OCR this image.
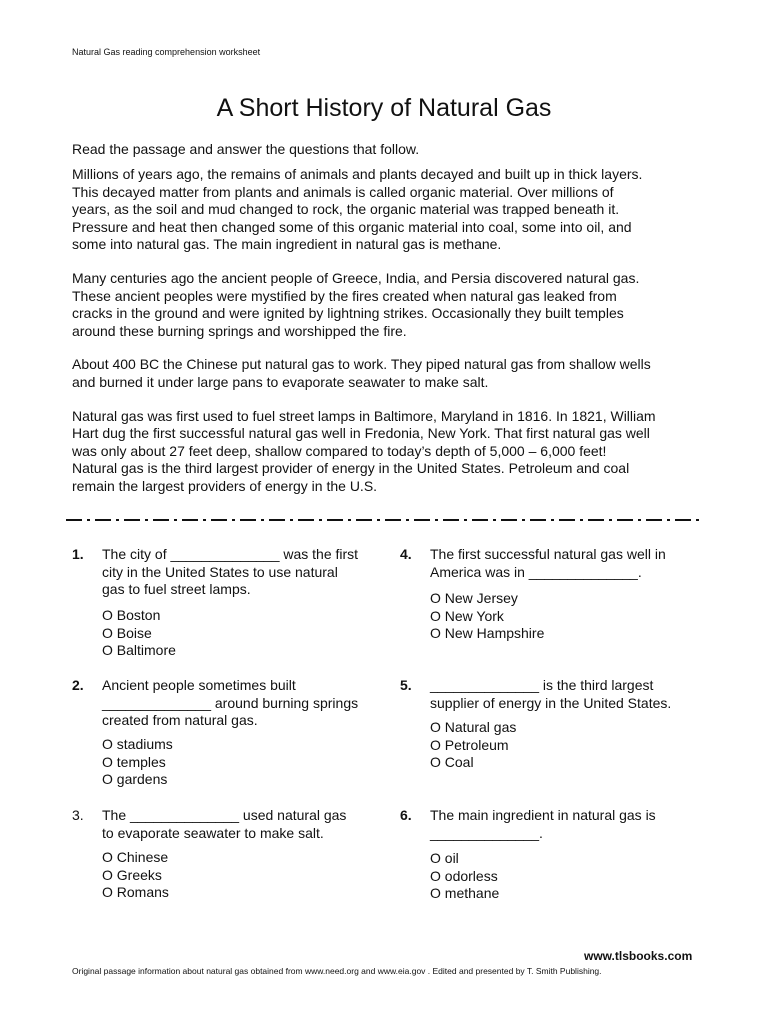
Natural Gas reading comprehension worksheet
A Short History of Natural Gas
Read the passage and answer the questions that follow.

Millions of years ago, the remains of animals and plants decayed and built up in thick layers.
This decayed matter from plants and animals is called organic material. Over millions of
years, as the soil and mud changed to rock, the organic material was trapped beneath it.
Pressure and heat then changed some of this organic material into coal, some into oil, and
some into natural gas. The main ingredient in natural gas is methane.

Many centuries ago the ancient people of Greece, India, and Persia discovered natural gas.
These ancient peoples were mystified by the fires created when natural gas leaked from
cracks in the ground and were ignited by lightning strikes. Occasionally they built temples
around these burning springs and worshipped the fire.

About 400 BC the Chinese put natural gas to work. They piped natural gas from shallow wells
and burned it under large pans to evaporate seawater to make salt.

Natural gas was first used to fuel street lamps in Baltimore, Maryland in 1816. In 1821, William
Hart dug the first successful natural gas well in Fredonia, New York. That first natural gas well
was only about 27 feet deep, shallow compared to today’s depth of 5,000 – 6,000 feet!
Natural gas is the third largest provider of energy in the United States. Petroleum and coal
remain the largest providers of energy in the U.S.

1. The city of ______________ was the first
city in the United States to use natural
gas to fuel street lamps.
O Boston
O Boise
O Baltimore
2. Ancient people sometimes built
______________ around burning springs
created from natural gas.
O stadiums
O temples
O gardens
3. The ______________ used natural gas
to evaporate seawater to make salt.
O Chinese
O Greeks
O Romans
4. The first successful natural gas well in
America was in ______________.
O New Jersey
O New York
O New Hampshire
5. ______________ is the third largest
supplier of energy in the United States.
O Natural gas
O Petroleum
O Coal
6. The main ingredient in natural gas is
______________.
O oil
O odorless
O methane
www.tlsbooks.com
Original passage information about natural gas obtained from www.need.org and www.eia.gov . Edited and presented by T. Smith Publishing.
